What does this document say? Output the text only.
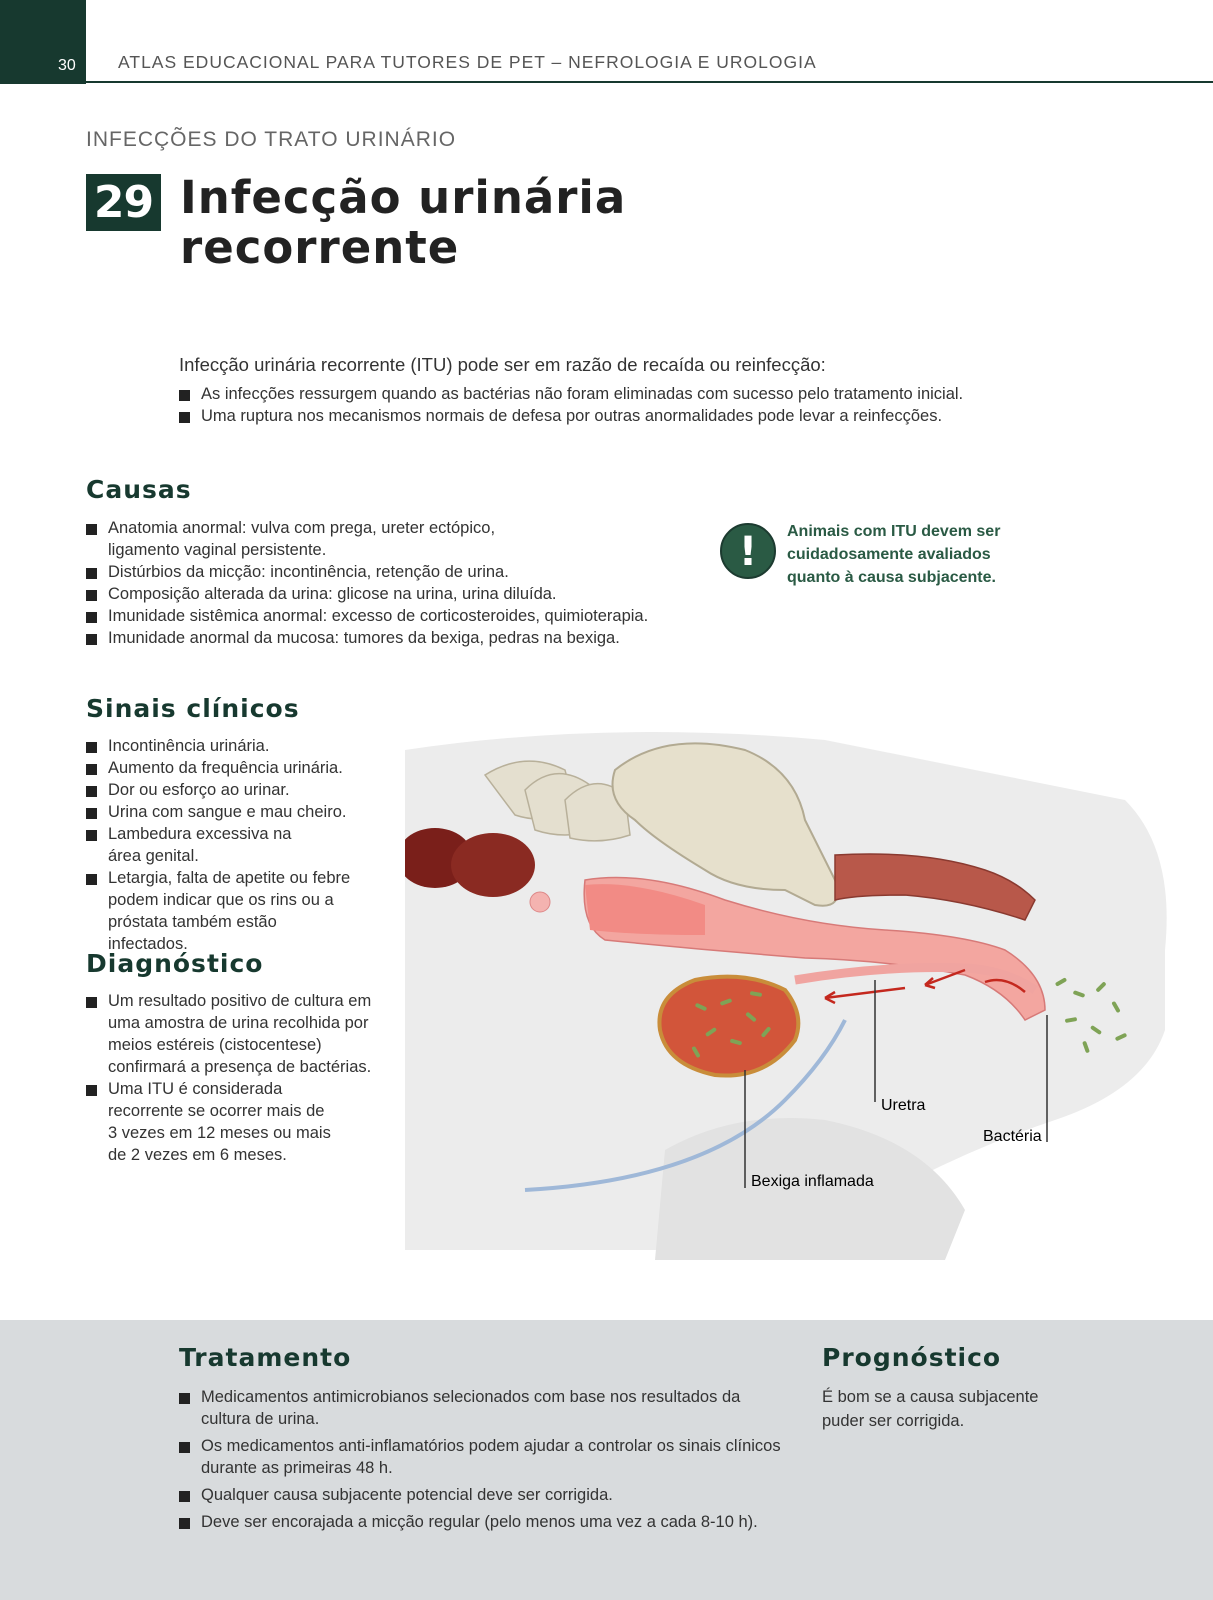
30 ATLAS EDUCACIONAL PARA TUTORES DE PET – NEFROLOGIA E UROLOGIA
INFECÇÕES DO TRATO URINÁRIO
29 Infecção urinária
recorrente
Infecção urinária recorrente (ITU) pode ser em razão de recaída ou reinfecção:
As infecções ressurgem quando as bactérias não foram eliminadas com sucesso pelo tratamento inicial.
Uma ruptura nos mecanismos normais de defesa por outras anormalidades pode levar a reinfecções.
Causas
Anatomia anormal: vulva com prega, ureter ectópico, ligamento vaginal persistente.
Distúrbios da micção: incontinência, retenção de urina.
Composição alterada da urina: glicose na urina, urina diluída.
Imunidade sistêmica anormal: excesso de corticosteroides, quimioterapia.
Imunidade anormal da mucosa: tumores da bexiga, pedras na bexiga.
!	Animais com ITU devem ser cuidadosamente avaliados quanto à causa subjacente.
Sinais clínicos
Incontinência urinária.
Aumento da frequência urinária.
Dor ou esforço ao urinar.
Urina com sangue e mau cheiro.
Lambedura excessiva na área genital.
Letargia, falta de apetite ou febre podem indicar que os rins ou a próstata também estão infectados.
Diagnóstico
Um resultado positivo de cultura em uma amostra de urina recolhida por meios estéreis (cistocentese) confirmará a presença de bactérias.
Uma ITU é considerada recorrente se ocorrer mais de 3 vezes em 12 meses ou mais de 2 vezes em 6 meses.
Uretra
Bactéria
Bexiga inflamada
Tratamento
Medicamentos antimicrobianos selecionados com base nos resultados da cultura de urina.
Os medicamentos anti-inflamatórios podem ajudar a controlar os sinais clínicos durante as primeiras 48 h.
Qualquer causa subjacente potencial deve ser corrigida.
Deve ser encorajada a micção regular (pelo menos uma vez a cada 8-10 h).
Prognóstico
É bom se a causa subjacente puder ser corrigida.
